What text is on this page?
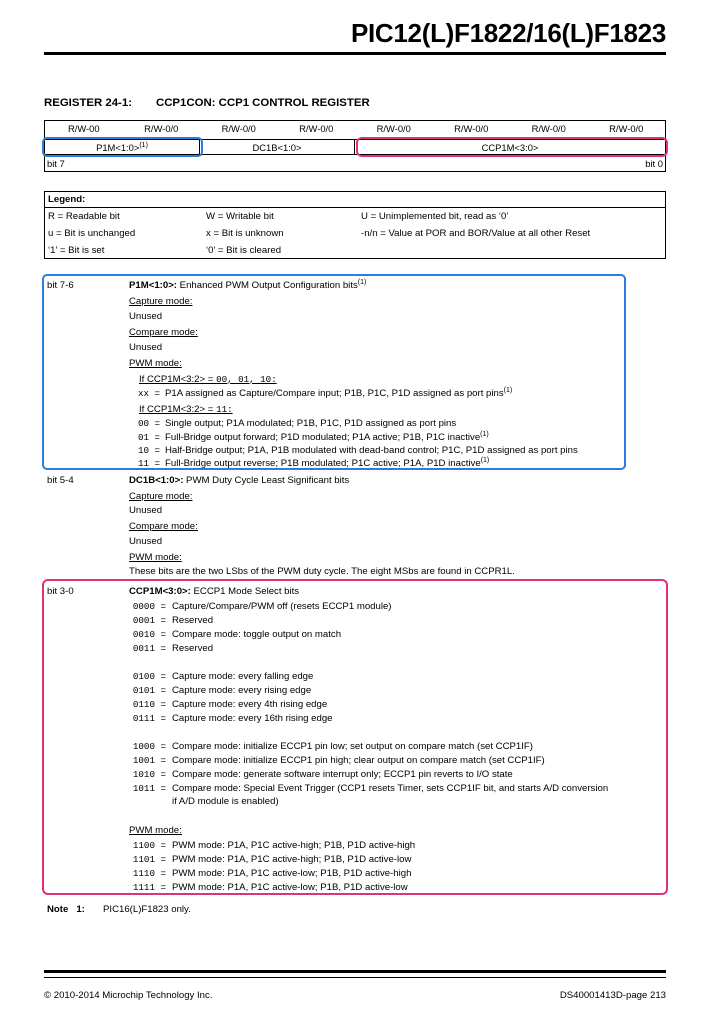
PIC12(L)F1822/16(L)F1823
REGISTER 24-1: CCP1CON: CCP1 CONTROL REGISTER
R/W-00	R/W-0/0	R/W-0/0	R/W-0/0	R/W-0/0	R/W-0/0	R/W-0/0	R/W-0/0
P1M<1:0>$^{(1)}$	DC1B<1:0>	CCP1M<3:0>
bit 7	bit 0
Legend:
R = Readable bit	W = Writable bit	U = Unimplemented bit, read as ‘0’
u = Bit is unchanged	x = Bit is unknown	-n/n = Value at POR and BOR/Value at all other Reset
‘1’ = Bit is set	‘0’ = Bit is cleared
bit 7-6	P1M<1:0>: Enhanced PWM Output Configuration bits$^{(1)}$
Capture mode:
Unused
Compare mode:
Unused
PWM mode:
If CCP1M<3:2> = 00, 01, 10:
xx = P1A assigned as Capture/Compare input; P1B, P1C, P1D assigned as port pins$^{(1)}$
If CCP1M<3:2> = 11:
00 = Single output; P1A modulated; P1B, P1C, P1D assigned as port pins
01 = Full-Bridge output forward; P1D modulated; P1A active; P1B, P1C inactive$^{(1)}$
10 = Half-Bridge output; P1A, P1B modulated with dead-band control; P1C, P1D assigned as port pins
11 = Full-Bridge output reverse; P1B modulated; P1C active; P1A, P1D inactive$^{(1)}$
bit 5-4	DC1B<1:0>: PWM Duty Cycle Least Significant bits
Capture mode:
Unused
Compare mode:
Unused
PWM mode:
These bits are the two LSbs of the PWM duty cycle. The eight MSbs are found in CCPR1L.
bit 3-0	CCP1M<3:0>: ECCP1 Mode Select bits
0000 = Capture/Compare/PWM off (resets ECCP1 module)
0001 = Reserved
0010 = Compare mode: toggle output on match
0011 = Reserved
0100 = Capture mode: every falling edge
0101 = Capture mode: every rising edge
0110 = Capture mode: every 4th rising edge
0111 = Capture mode: every 16th rising edge
1000 = Compare mode: initialize ECCP1 pin low; set output on compare match (set CCP1IF)
1001 = Compare mode: initialize ECCP1 pin high; clear output on compare match (set CCP1IF)
1010 = Compare mode: generate software interrupt only; ECCP1 pin reverts to I/O state
1011 = Compare mode: Special Event Trigger (CCP1 resets Timer, sets CCP1IF bit, and starts A/D conversion
if A/D module is enabled)
PWM mode:
1100 = PWM mode: P1A, P1C active-high; P1B, P1D active-high
1101 = PWM mode: P1A, P1C active-high; P1B, P1D active-low
1110 = PWM mode: P1A, P1C active-low; P1B, P1D active-high
1111 = PWM mode: P1A, P1C active-low; P1B, P1D active-low
Note   1: PIC16(L)F1823 only.
© 2010-2014 Microchip Technology Inc.	DS40001413D-page 213
